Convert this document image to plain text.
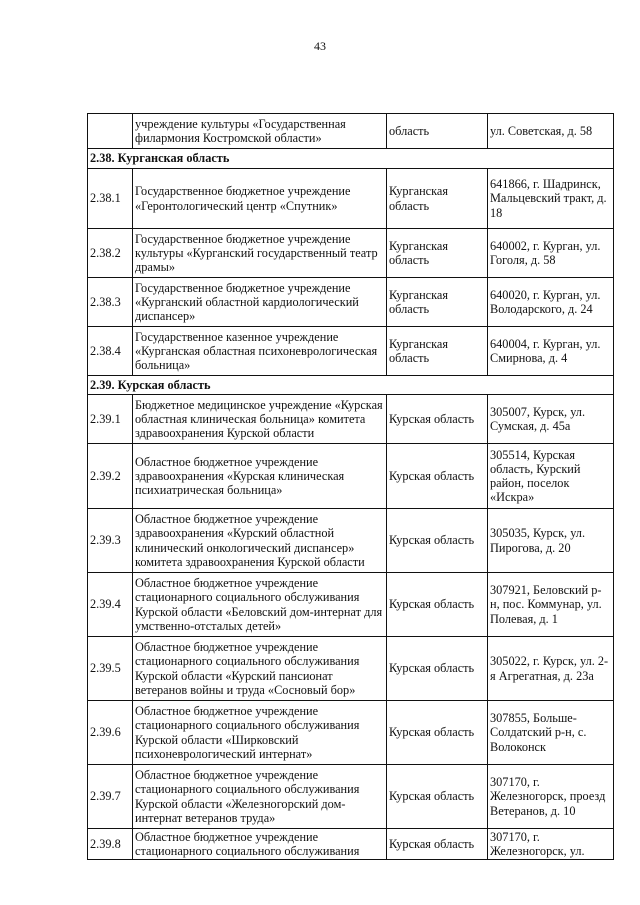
43
	учреждение культуры «Государственная филармония Костромской области»	область	ул. Советская, д. 58
2.38. Курганская область			
2.38.1	Государственное бюджетное учреждение «Геронтологический центр «Спутник»	Курганская область	641866, г. Шадринск, Мальцевский тракт, д. 18
2.38.2	Государственное бюджетное учреждение культуры «Курганский государственный театр драмы»	Курганская область	640002, г. Курган, ул. Гоголя, д. 58
2.38.3	Государственное бюджетное учреждение «Курганский областной кардиологический диспансер»	Курганская область	640020, г. Курган, ул. Володарского, д. 24
2.38.4	Государственное казенное учреждение «Курганская областная психоневрологическая больница»	Курганская область	640004, г. Курган, ул. Смирнова, д. 4
2.39. Курская область			
2.39.1	Бюджетное медицинское учреждение «Курская областная клиническая больница» комитета здравоохранения Курской области	Курская область	305007, Курск, ул. Сумская, д. 45а
2.39.2	Областное бюджетное учреждение здравоохранения «Курская клиническая психиатрическая больница»	Курская область	305514, Курская область, Курский район, поселок «Искра»
2.39.3	Областное бюджетное учреждение здравоохранения «Курский областной клинический онкологический диспансер» комитета здравоохранения Курской области	Курская область	305035, Курск, ул. Пирогова, д. 20
2.39.4	Областное бюджетное учреждение стационарного социального обслуживания Курской области «Беловский дом-интернат для умственно-отсталых детей»	Курская область	307921, Беловский р-н, пос. Коммунар, ул. Полевая, д. 1
2.39.5	Областное бюджетное учреждение стационарного социального обслуживания Курской области «Курский пансионат ветеранов войны и труда «Сосновый бор»	Курская область	305022, г. Курск, ул. 2-я Агрегатная, д. 23а
2.39.6	Областное бюджетное учреждение стационарного социального обслуживания Курской области «Ширковский психоневрологический интернат»	Курская область	307855, Больше-Солдатский р-н, с. Волоконск
2.39.7	Областное бюджетное учреждение стационарного социального обслуживания Курской области «Железногорский дом-интернат ветеранов труда»	Курская область	307170, г. Железногорск, проезд Ветеранов, д. 10
2.39.8	Областное бюджетное учреждение стационарного социального обслуживания	Курская область	307170, г. Железногорск, ул.
